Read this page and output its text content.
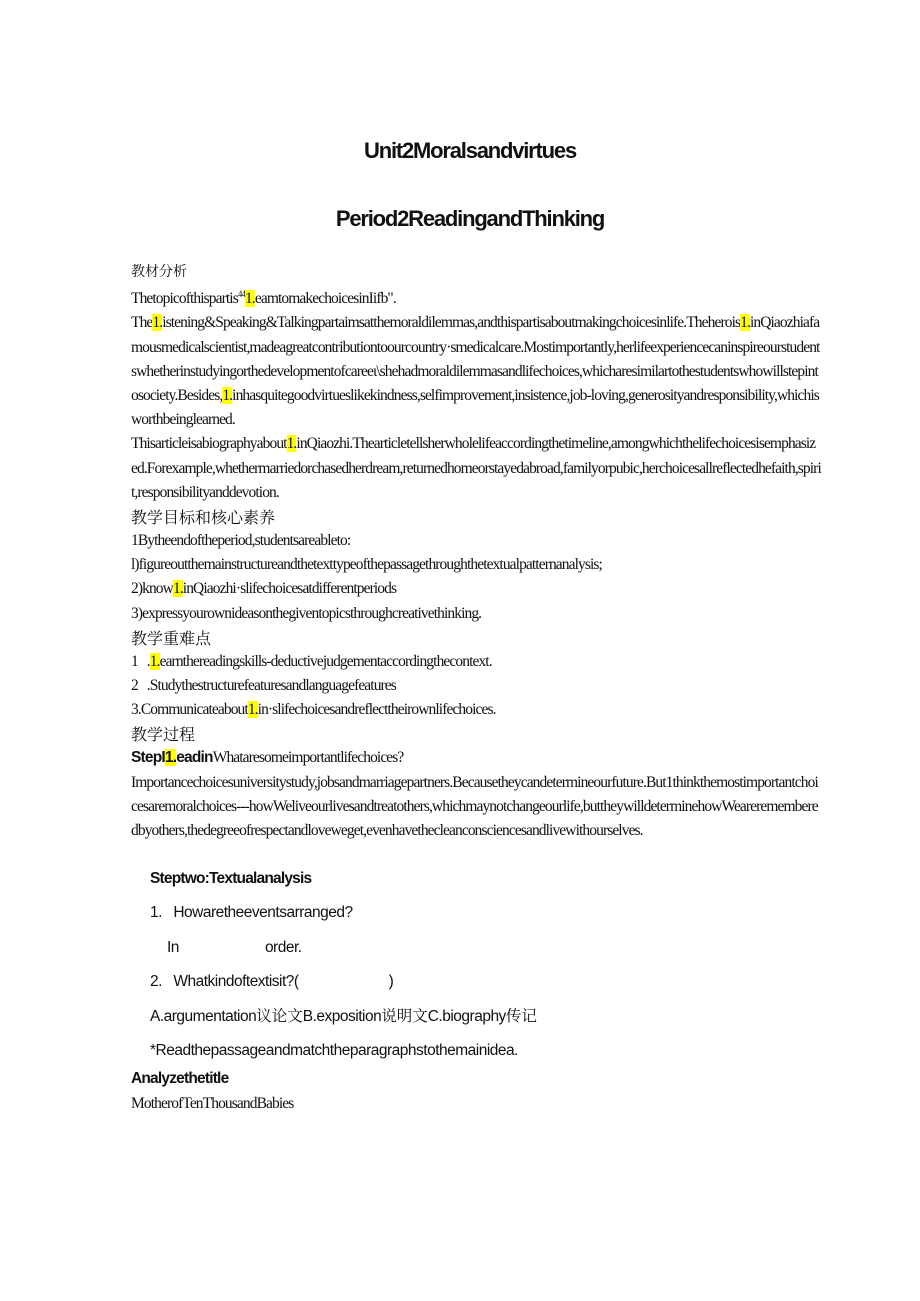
Unit2Moralsandvirtues
Period2ReadingandThinking

教材分析

Thetopicofthispartis$^{44}$1.eamtomakechoicesinIifb".

The1.istening&Speaking&Talkingpartaimsatthemoraldilemmas,andthispartisaboutmakingchoicesinlife.Theherois1.inQiaozhiafamousmedicalscientist,madeagreatcontributiontoourcountry·smedicalcare.Mostimportantly,herlifeexperiencecaninspireourstudentswhetherinstudyingorthedevelopmentofcareeι\shehadmoraldilemmasandlifechoices,whicharesimilartothestudentswhowillstepintosociety.Besides,1.inhasquitegoodvirtueslikekindness,selfimprovement,insistence,job-loving,generosityandresponsibility,whichisworthbeinglearned.

Thisarticleisabiographyabout1.inQiaozhi.Thearticletellsherwholelifeaccordingthetimeline,amongwhichthelifechoicesisemphasized.Forexample,whethermarriedorchasedherdream,returnedhomeorstayedabroad,familyorpubic,herchoicesallreflectedhefaith,spirit,responsibilityanddevotion.

教学目标和核心素养

1Bytheendoftheperiod,studentsareableto:

l)figureoutthemainstructureandthetexttypeofthepassagethroughthetextualpatternanalysis;

2)know1.inQiaozhi·slifechoicesatdifferentperiods

3)expressyourownideasonthegiventopicsthroughcreativethinking.

教学重难点

1   .1.earnthereadingskills-deductivejudgementaccordingthecontext.

2   .Studythestructurefeaturesandlanguagefeatures

3.Communicateabout1.in·slifechoicesandreflecttheirownlifechoices.

教学过程

StepI1.eadinWhataresomeimportantlifechoices?

Importancechoicesuniversitystudy,jobsandmarriagepartners.Becausetheycandetermineourfuture.But1thinkthemostimportantchoicesaremoralchoices---howWeliveourlivesandtreatothers,whichmaynotchangeourlife,buttheywilldeterminehowWearerememberedbyothers,thedegreeofrespectandloveweget,evenhavethecleanconsciencesandlivewithourselves.

Steptwo:Textualanalysis

1.   Howaretheeventsarranged?

In	order.

2.   Whatkindoftextisit?(	)

A.argumentation议论文B.exposition说明文C.biography传记

*Readthepassageandmatchtheparagraphstothemainidea.

Analyzethetitle

MotherofTenThousandBabies
